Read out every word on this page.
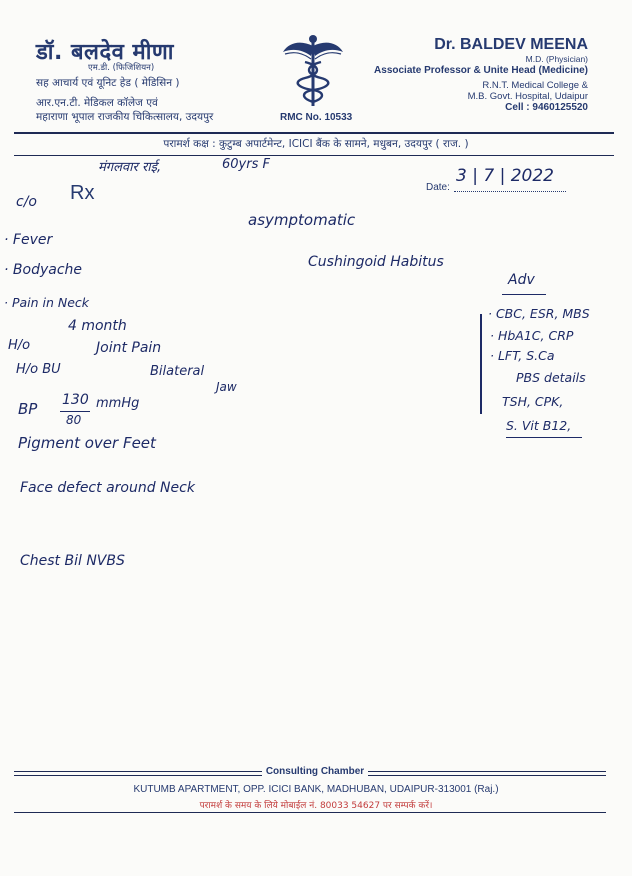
डॉ. बलदेव मीणा
एम.डी. (फिजिशियन)
सह आचार्य एवं यूनिट हेड ( मेडिसिन )
आर.एन.टी. मेडिकल कॉलेज एवं
महाराणा भूपाल राजकीय चिकित्सालय, उदयपुर	RMC No. 10533
Dr. BALDEV MEENA
M.D. (Physician)
Associate Professor & Unite Head (Medicine)
R.N.T. Medical College &
M.B. Govt. Hospital, Udaipur
Cell : 9460125520
परामर्श कक्ष : कुटुम्ब अपार्टमेन्ट, ICICI बैंक के सामने, मधुबन, उदयपुर ( राज. )
मंगलवार राई,	60yrs F
Date:
3 | 7 | 2022
c/o Rx
asymptomatic
· Fever
· Bodyache
· Pain in Neck
Cushingoid Habitus
Adv
4 month
H/o	Joint Pain
H/o BU	Bilateral
Jaw
BP 130
80
mmHg
· CBC, ESR, MBS
· HbA1C, CRP
· LFT, S.Ca
PBS details
TSH, CPK,
S. Vit B12,
Pigment over Feet
Face defect around Neck
Chest Bil NVBS
Consulting Chamber
KUTUMB APARTMENT, OPP. ICICI BANK, MADHUBAN, UDAIPUR-313001 (Raj.)
परामर्श के समय के लिये मोबाईल नं. 80033 54627 पर सम्पर्क करें।
